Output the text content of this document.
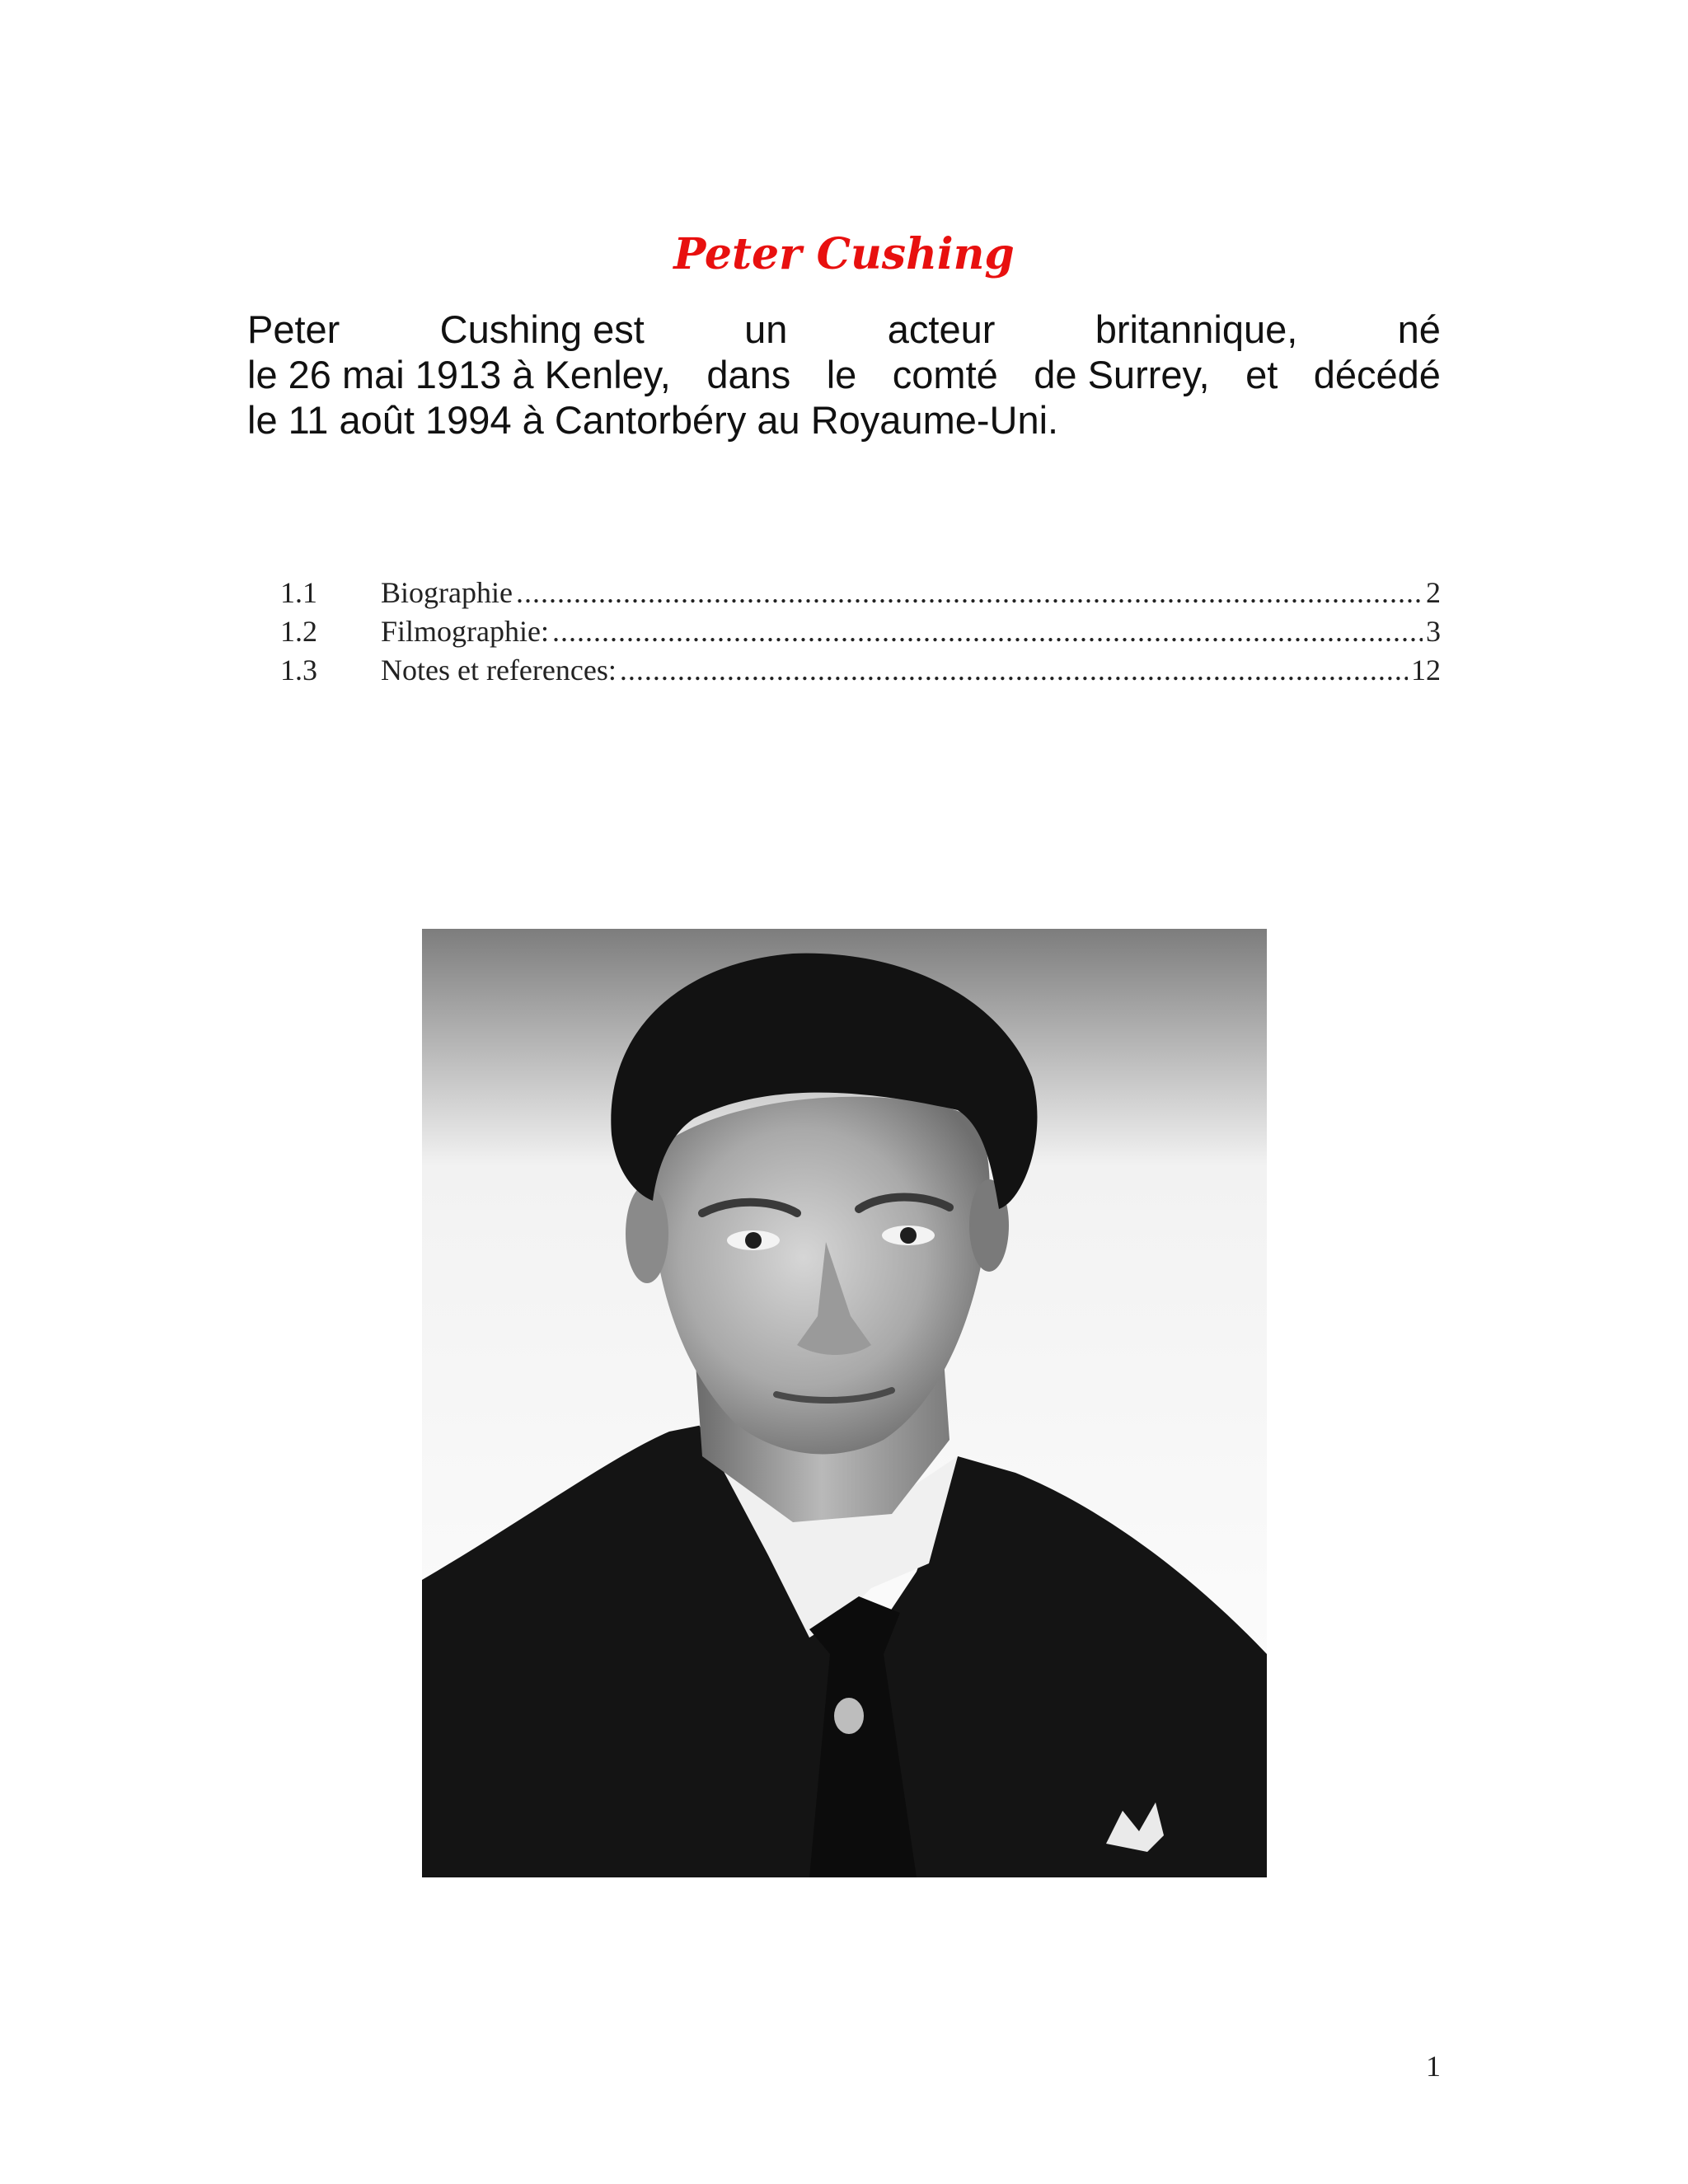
Peter Cushing
Peter	Cushing est	un	acteur	britannique,	né
le 26 mai 1913 à Kenley, dans le comté de Surrey, et décédé
le 11 août 1994 à Cantorbéry au Royaume-Uni.
1.1	Biographie .....	2
1.2	Filmographie: .....	3
1.3	Notes et references: .....	12
1
